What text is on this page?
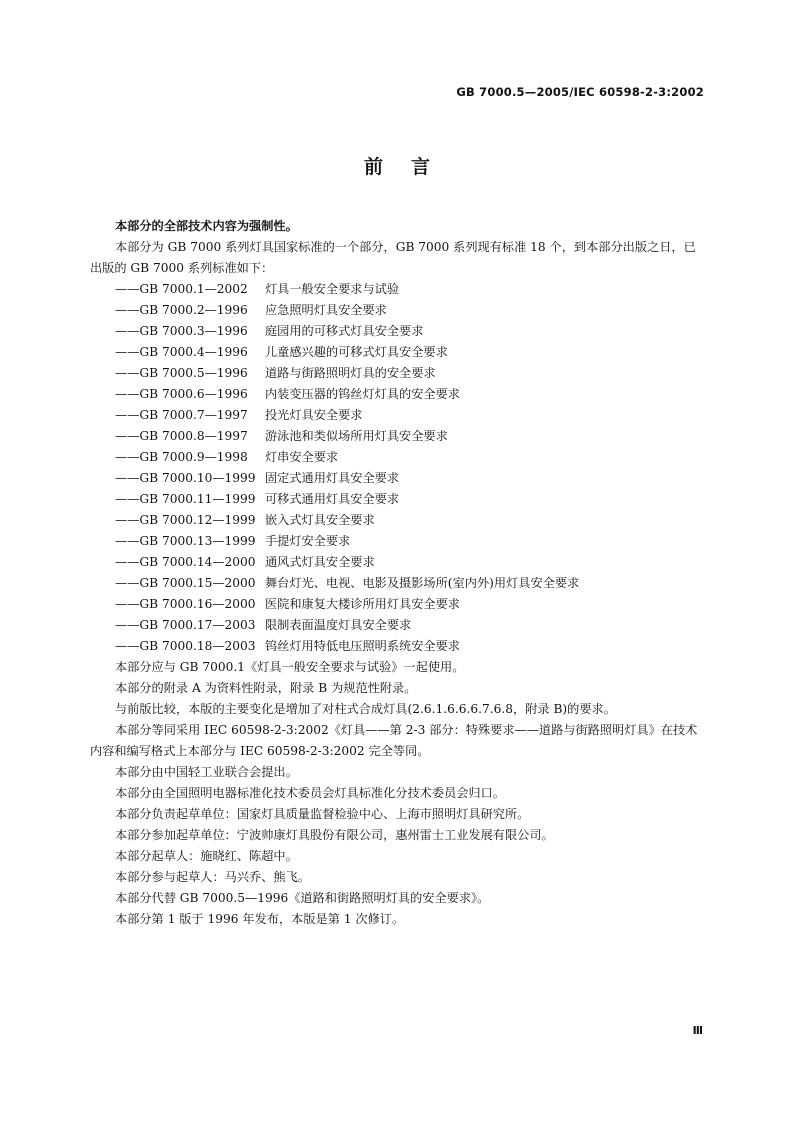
GB 7000.5—2005/IEC 60598-2-3:2002
前言
本部分的全部技术内容为强制性。
本部分为 GB 7000 系列灯具国家标准的一个部分，GB 7000 系列现有标准 18 个，到本部分出版之日，已出版的 GB 7000 系列标准如下：
——GB 7000.1—2002 灯具一般安全要求与试验
——GB 7000.2—1996 应急照明灯具安全要求
——GB 7000.3—1996 庭园用的可移式灯具安全要求
——GB 7000.4—1996 儿童感兴趣的可移式灯具安全要求
——GB 7000.5—1996 道路与街路照明灯具的安全要求
——GB 7000.6—1996 内装变压器的钨丝灯灯具的安全要求
——GB 7000.7—1997 投光灯具安全要求
——GB 7000.8—1997 游泳池和类似场所用灯具安全要求
——GB 7000.9—1998 灯串安全要求
——GB 7000.10—1999 固定式通用灯具安全要求
——GB 7000.11—1999 可移式通用灯具安全要求
——GB 7000.12—1999 嵌入式灯具安全要求
——GB 7000.13—1999 手提灯安全要求
——GB 7000.14—2000 通风式灯具安全要求
——GB 7000.15—2000 舞台灯光、电视、电影及摄影场所(室内外)用灯具安全要求
——GB 7000.16—2000 医院和康复大楼诊所用灯具安全要求
——GB 7000.17—2003 限制表面温度灯具安全要求
——GB 7000.18—2003 钨丝灯用特低电压照明系统安全要求
本部分应与 GB 7000.1《灯具一般安全要求与试验》一起使用。
本部分的附录 A 为资料性附录，附录 B 为规范性附录。
与前版比较，本版的主要变化是增加了对柱式合成灯具(2.6.1.6.6.6.7.6.8，附录 B)的要求。
本部分等同采用 IEC 60598-2-3:2002《灯具——第 2-3 部分：特殊要求——道路与街路照明灯具》在技术内容和编写格式上本部分与 IEC 60598-2-3:2002 完全等同。
本部分由中国轻工业联合会提出。
本部分由全国照明电器标准化技术委员会灯具标准化分技术委员会归口。
本部分负责起草单位：国家灯具质量监督检验中心、上海市照明灯具研究所。
本部分参加起草单位：宁波帅康灯具股份有限公司，惠州雷士工业发展有限公司。
本部分起草人：施晓红、陈超中。
本部分参与起草人：马兴乔、熊飞。
本部分代替 GB 7000.5—1996《道路和街路照明灯具的安全要求》。
本部分第 1 版于 1996 年发布，本版是第 1 次修订。
Ⅲ
